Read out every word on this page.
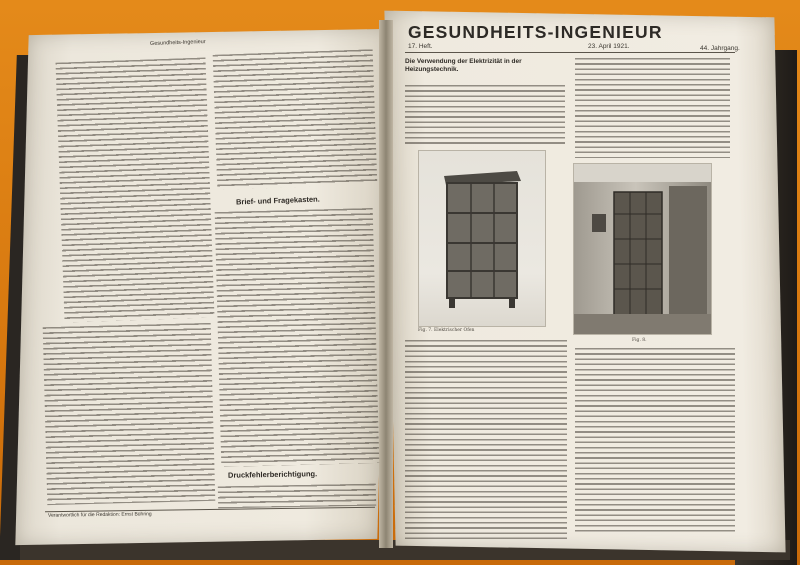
Gesundheits-Ingenieur
Brief- und Fragekasten.
Druckfehlerberichtigung.
Verantwortlich für die Redaktion: Ernst Bühring
GESUNDHEITS-INGENIEUR
17. Heft.	23. April 1921.	44. Jahrgang.
Die Verwendung der Elektrizität in der Heizungstechnik.
Fig. 7. Elektrischer Ofen
Fig. 8.
